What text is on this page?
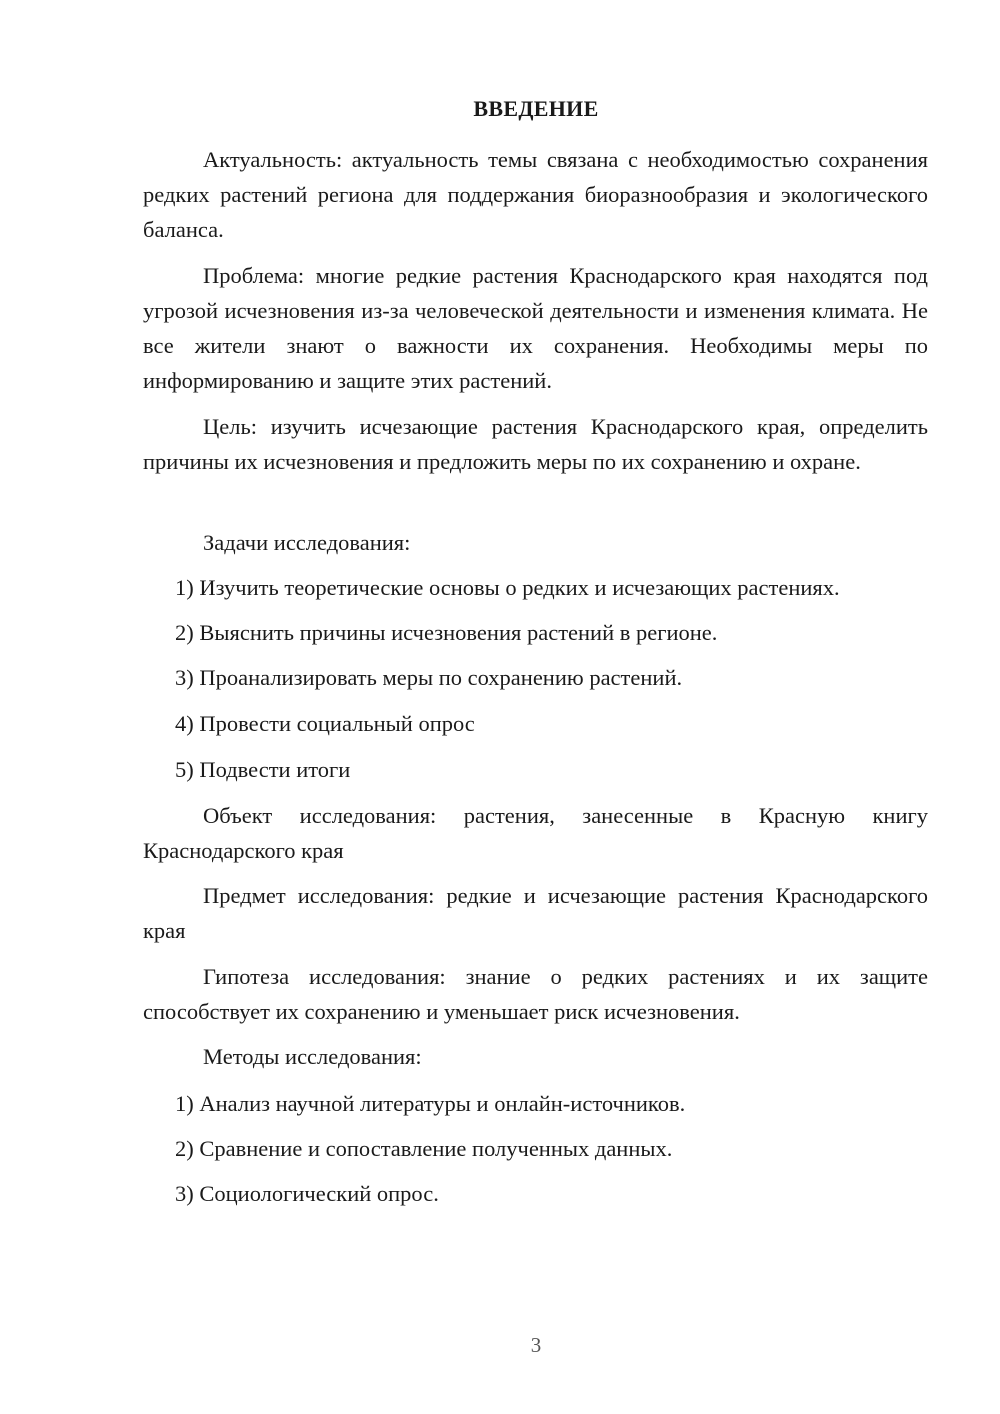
ВВЕДЕНИЕ

Актуальность: актуальность темы связана с необходимостью сохранения редких растений региона для поддержания биоразнообразия и экологического баланса.

Проблема: многие редкие растения Краснодарского края находятся под угрозой исчезновения из-за человеческой деятельности и изменения климата. Не все жители знают о важности их сохранения. Необходимы меры по информированию и защите этих растений.

Цель: изучить исчезающие растения Краснодарского края, определить причины их исчезновения и предложить меры по их сохранению и охране.

Задачи исследования:

1) Изучить теоретические основы о редких и исчезающих растениях.

2) Выяснить причины исчезновения растений в регионе.

3) Проанализировать меры по сохранению растений.

4) Провести социальный опрос

5) Подвести итоги

Объект исследования: растения, занесенные в Красную книгу Краснодарского края

Предмет исследования: редкие и исчезающие растения Краснодарского края

Гипотеза исследования: знание о редких растениях и их защите способствует их сохранению и уменьшает риск исчезновения.

Методы исследования:

1) Анализ научной литературы и онлайн-источников.

2) Сравнение и сопоставление полученных данных.

3) Социологический опрос.

3
